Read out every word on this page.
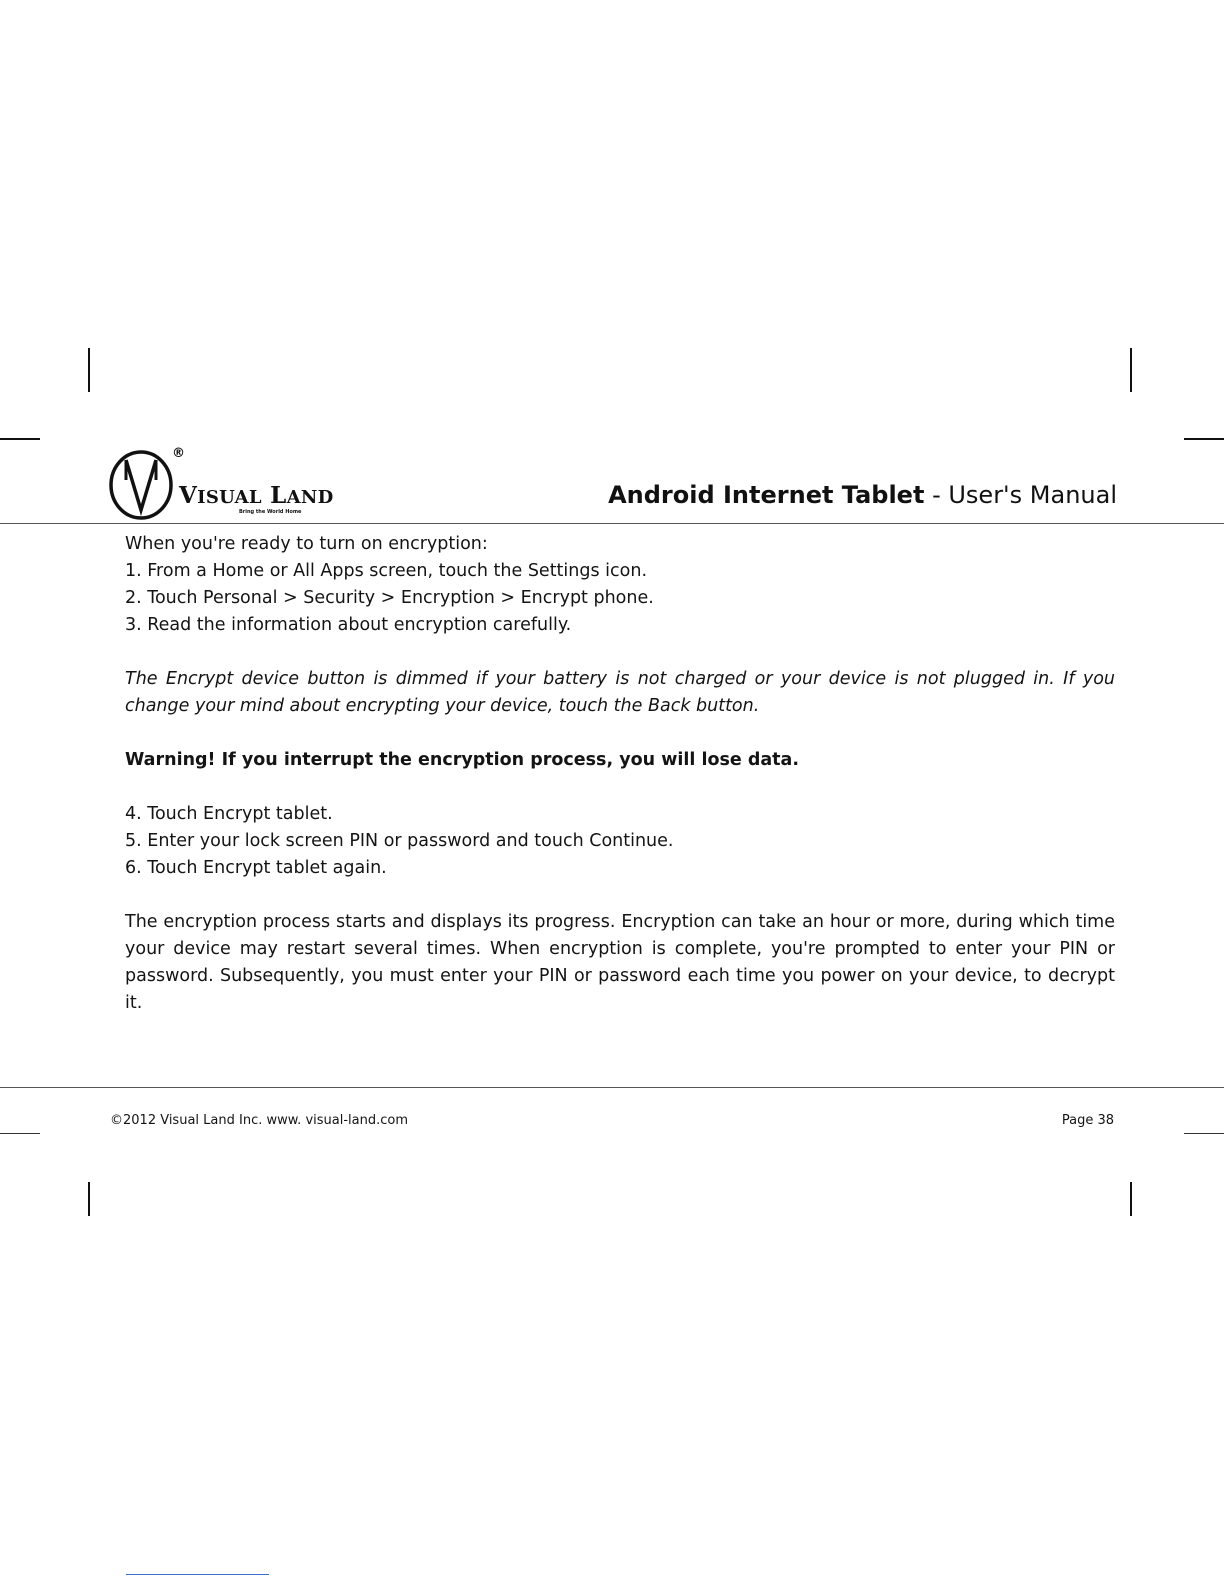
®
VISUAL LAND
Bring the World Home
Android Internet Tablet - User's Manual

When you're ready to turn on encryption:

1. From a Home or All Apps screen, touch the Settings icon.

2. Touch Personal > Security > Encryption > Encrypt phone.

3. Read the information about encryption carefully.

The Encrypt device button is dimmed if your battery is not charged or your device is not plugged in. If you change your mind about encrypting your device, touch the Back button.

Warning! If you interrupt the encryption process, you will lose data.

4. Touch Encrypt tablet.

5. Enter your lock screen PIN or password and touch Continue.

6. Touch Encrypt tablet again.

The encryption process starts and displays its progress. Encryption can take an hour or more, during which time your device may restart several times. When encryption is complete, you're prompted to enter your PIN or password. Subsequently, you must enter your PIN or password each time you power on your device, to decrypt it.

©2012 Visual Land Inc. www. visual-land.com	Page 38
